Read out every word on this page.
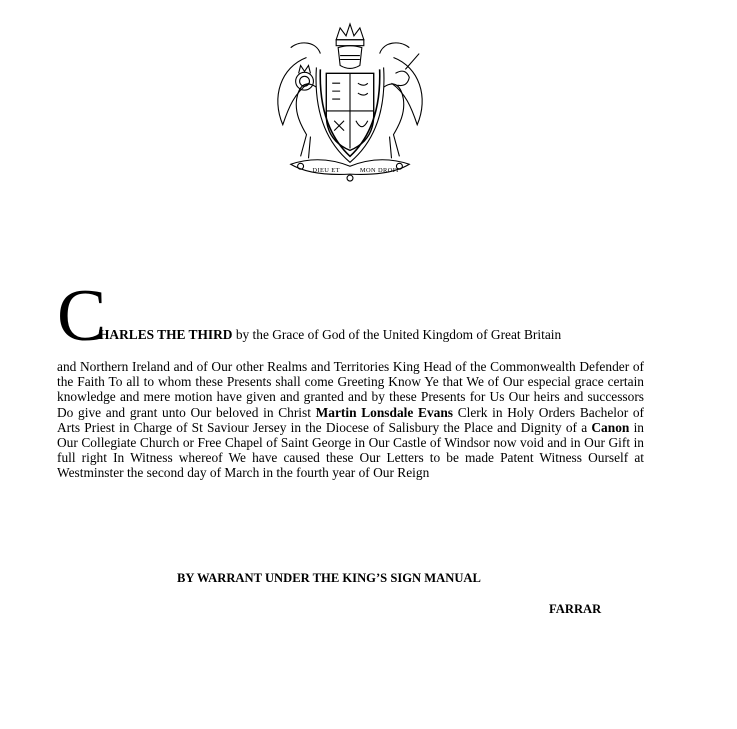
DIEU ET	MON DROIT
C
HARLES THE THIRD by the Grace of God of the United Kingdom of Great Britain

and Northern Ireland and of Our other Realms and Territories King Head of the Commonwealth Defender of the Faith To all to whom these Presents shall come Greeting Know Ye that We of Our especial grace certain knowledge and mere motion have given and granted and by these Presents for Us Our heirs and successors Do give and grant unto Our beloved in Christ Martin Lonsdale Evans Clerk in Holy Orders Bachelor of Arts Priest in Charge of St Saviour Jersey in the Diocese of Salisbury the Place and Dignity of a Canon in Our Collegiate Church or Free Chapel of Saint George in Our Castle of Windsor now void and in Our Gift in full right In Witness whereof We have caused these Our Letters to be made Patent Witness Ourself at Westminster the second day of March in the fourth year of Our Reign

BY WARRANT UNDER THE KING’S SIGN MANUAL
FARRAR
